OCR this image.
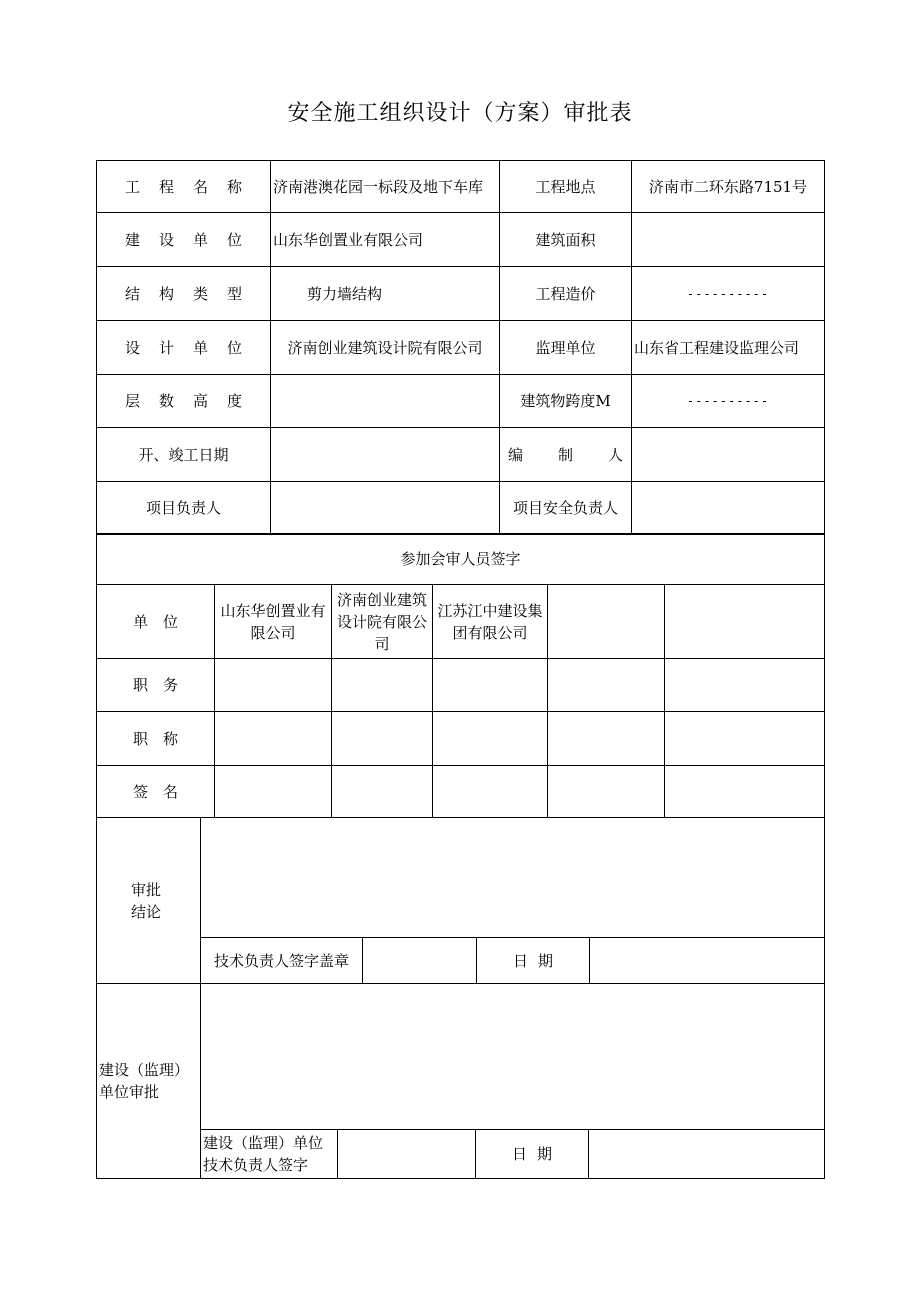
安全施工组织设计（方案）审批表
工程名称	济南港澳花园一标段及地下车库	工程地点	济南市二环东路7151号
建设单位	山东华创置业有限公司	建筑面积	
结构类型	剪力墙结构	工程造价	----------
设计单位	济南创业建筑设计院有限公司	监理单位	山东省工程建设监理公司
层数高度		建筑物跨度M	----------
开、竣工日期		编制人	
项目负责人		项目安全负责人	
参加会审人员签字					
单位	山东华创置业有限公司	济南创业建筑设计院有限公司	江苏江中建设集团有限公司		
职务					
职称					
签名					
审批结论				
	技术负责人签字盖章		日期	
建设（监理）单位审批				
	建设（监理）单位技术负责人签字		日期	
